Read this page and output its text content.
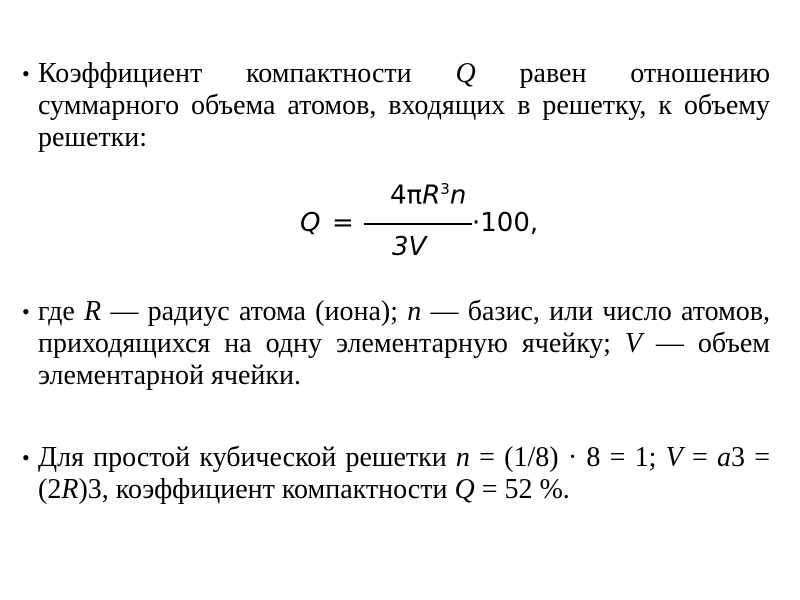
• Коэффициент компактности Q равен отношению суммарного объема атомов, входящих в решетку, к объему решетки:
Q =
$4\pi R^3n$
3V
·100,
• где R — радиус атома (иона); n — базис, или число атомов, приходящихся на одну элементарную ячейку; V — объем элементарной ячейки.
• Для простой кубической решетки n = (1/8) · 8 = 1; V = a3 = (2R)3, коэффициент компактности Q = 52 %.
